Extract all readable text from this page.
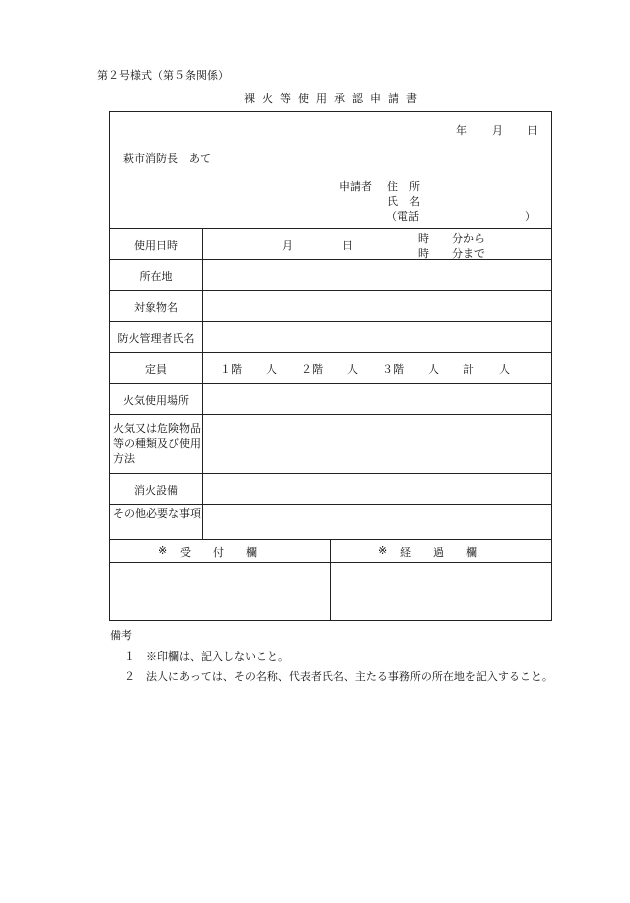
第２号様式（第５条関係）
裸火等使用承認申請書
年 月 日
萩市消防長　あて
申請者 住　所
氏　名
（電話	）
使用日時	月	日
時 分から
時 分まで
所在地
対象物名
防火管理者氏名
定員	１階 人 ２階 人 ３階 人 計 人
火気使用場所
火気又は危険物品等の種類及び使用方法
消火設備
その他必要な事項
※ 受　　付　　欄	※ 経　　過　　欄
備考
１ ※印欄は、記入しないこと。
２ 法人にあっては、その名称、代表者氏名、主たる事務所の所在地を記入すること。
